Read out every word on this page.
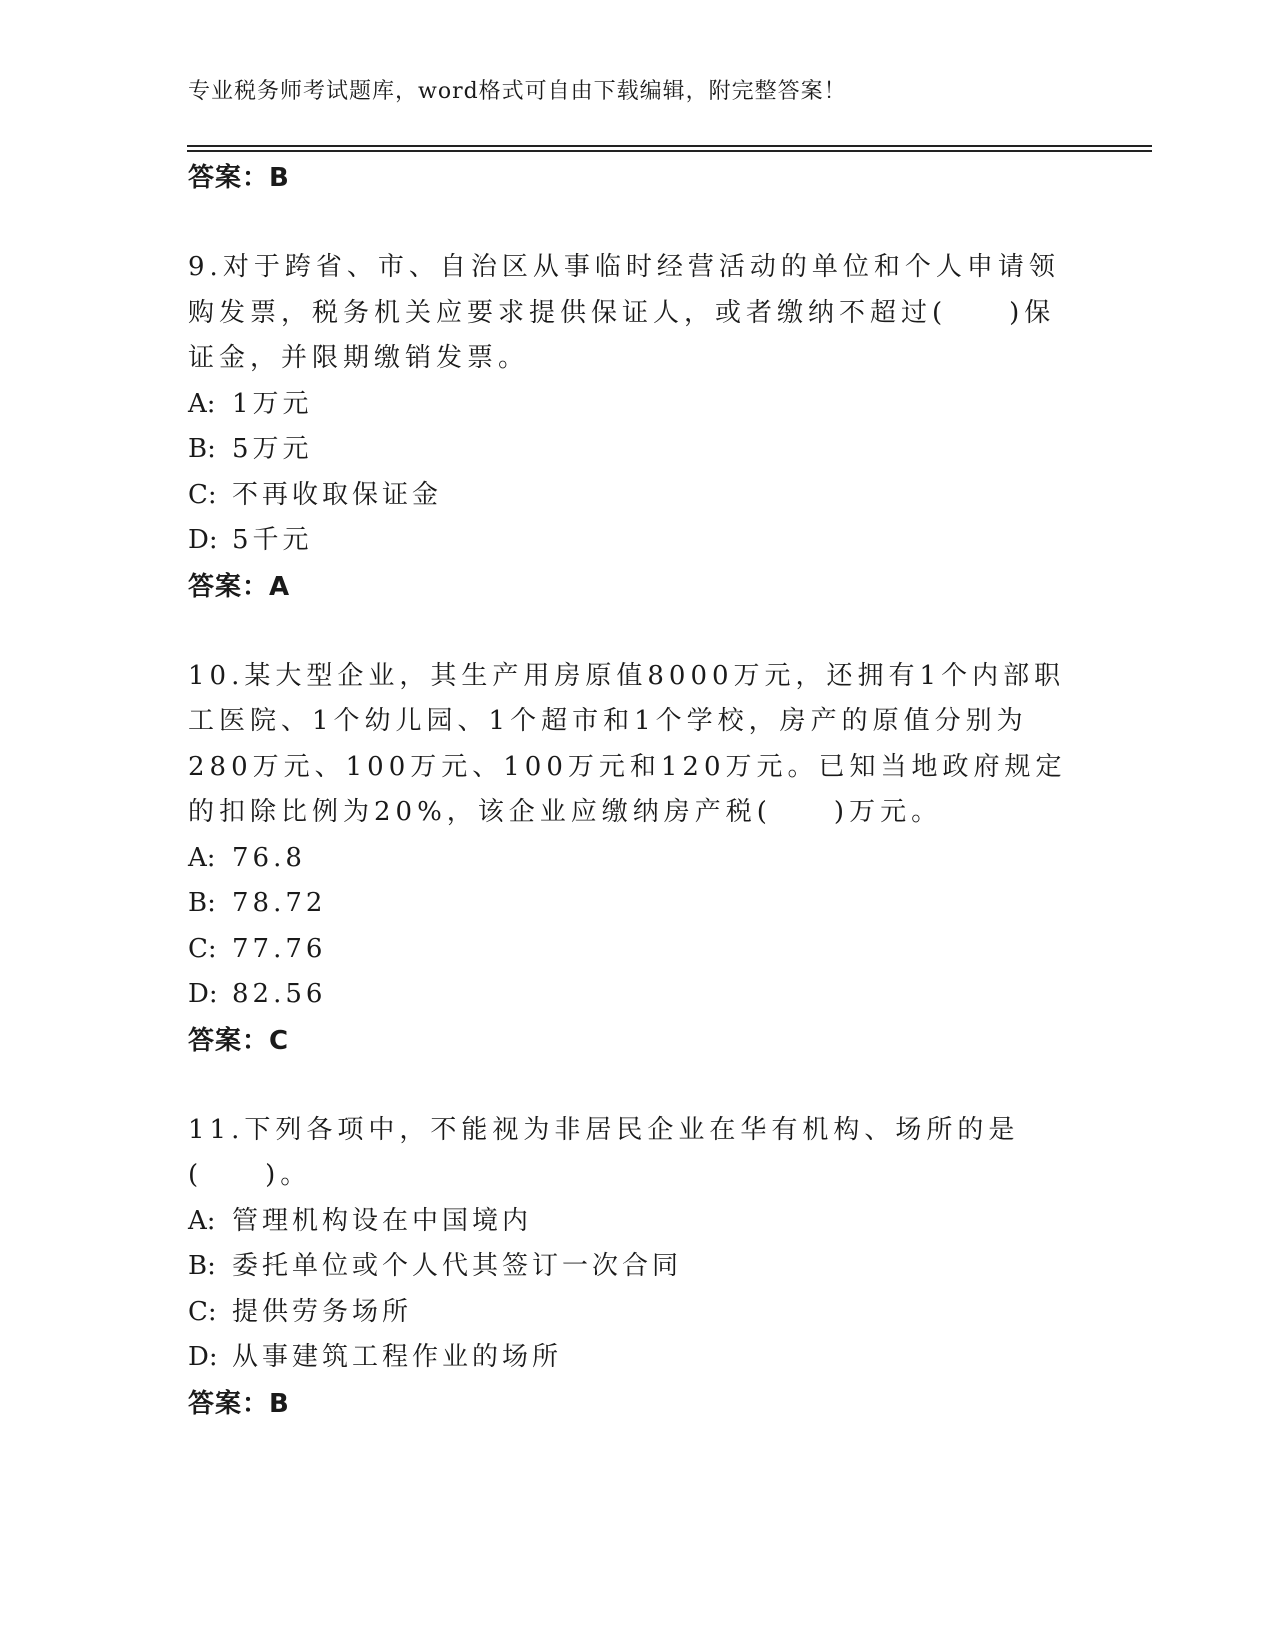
专业税务师考试题库，word格式可自由下载编辑，附完整答案！
答案：B

9.对于跨省、市、自治区从事临时经营活动的单位和个人申请领购发票，税务机关应要求提供保证人，或者缴纳不超过(　　)保证金，并限期缴销发票。

A: 1万元
B: 5万元
C: 不再收取保证金
D: 5千元
答案：A

10.某大型企业，其生产用房原值8000万元，还拥有1个内部职工医院、1个幼儿园、1个超市和1个学校，房产的原值分别为280万元、100万元、100万元和120万元。已知当地政府规定的扣除比例为20%，该企业应缴纳房产税(　　)万元。

A: 76.8
B: 78.72
C: 77.76
D: 82.56
答案：C

11.下列各项中，不能视为非居民企业在华有机构、场所的是(　　)。

A: 管理机构设在中国境内
B: 委托单位或个人代其签订一次合同
C: 提供劳务场所
D: 从事建筑工程作业的场所
答案：B
